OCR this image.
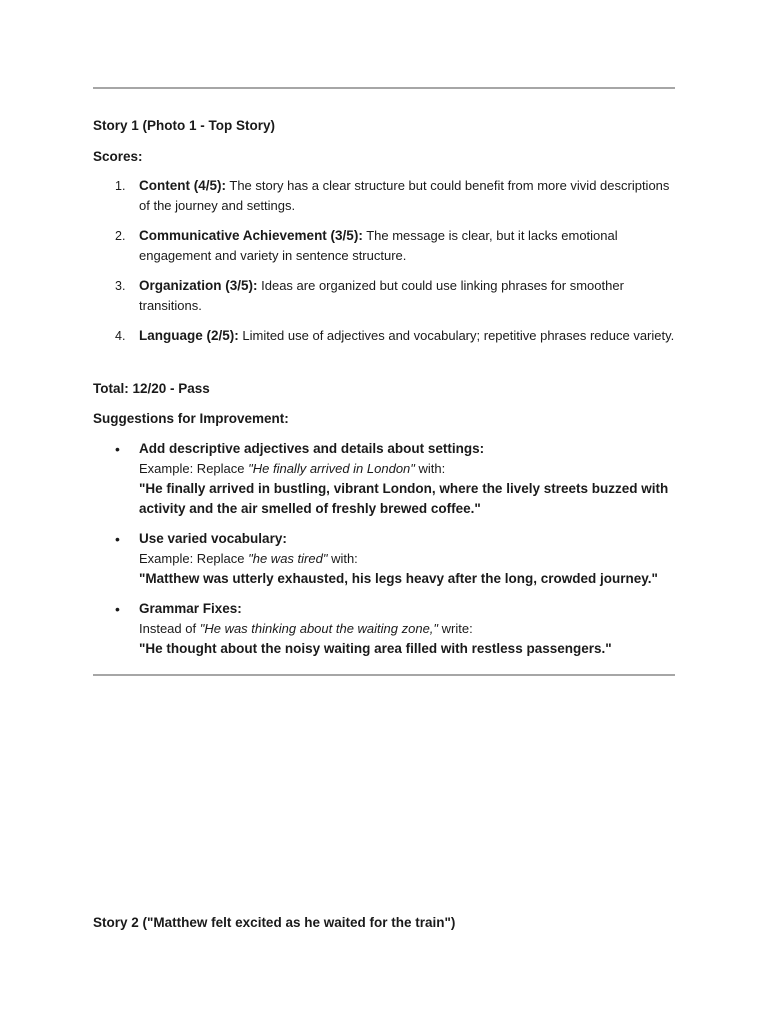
Story 1 (Photo 1 - Top Story)

Scores:

1.	Content (4/5): The story has a clear structure but could benefit from more vivid descriptions of the journey and settings.
2.	Communicative Achievement (3/5): The message is clear, but it lacks emotional engagement and variety in sentence structure.
3.	Organization (3/5): Ideas are organized but could use linking phrases for smoother transitions.
4.	Language (2/5): Limited use of adjectives and vocabulary; repetitive phrases reduce variety.

Total: 12/20 - Pass

Suggestions for Improvement:

• Add descriptive adjectives and details about settings:
Example: Replace "He finally arrived in London" with:
"He finally arrived in bustling, vibrant London, where the lively streets buzzed with activity and the air smelled of freshly brewed coffee."
• Use varied vocabulary:
Example: Replace "he was tired" with:
"Matthew was utterly exhausted, his legs heavy after the long, crowded journey."
• Grammar Fixes:
Instead of "He was thinking about the waiting zone," write:
"He thought about the noisy waiting area filled with restless passengers."

Story 2 ("Matthew felt excited as he waited for the train")
